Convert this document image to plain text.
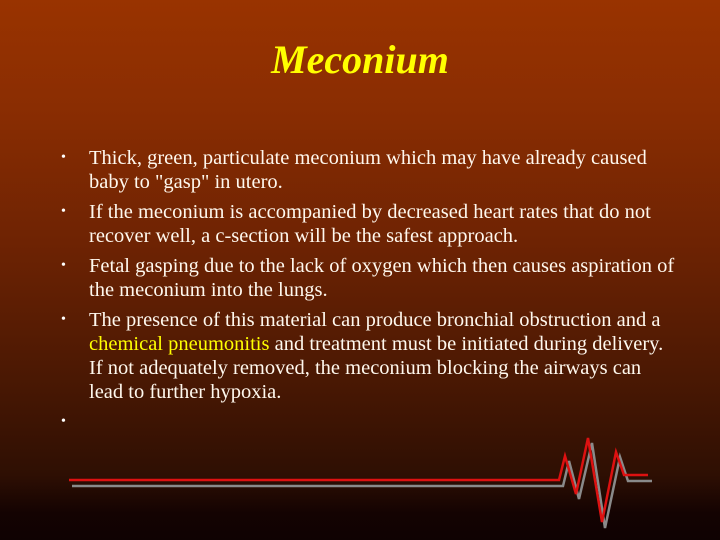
Meconium
• Thick, green, particulate meconium which may have already caused baby to "gasp" in utero.
• If the meconium is accompanied by decreased heart rates that do not recover well, a c-section will be the safest approach.
• Fetal gasping due to the lack of oxygen which then causes aspiration of the meconium into the lungs.
• The presence of this material can produce bronchial obstruction and a chemical pneumonitis and treatment must be initiated during delivery. If not adequately removed, the meconium blocking the airways can lead to further hypoxia.
•
